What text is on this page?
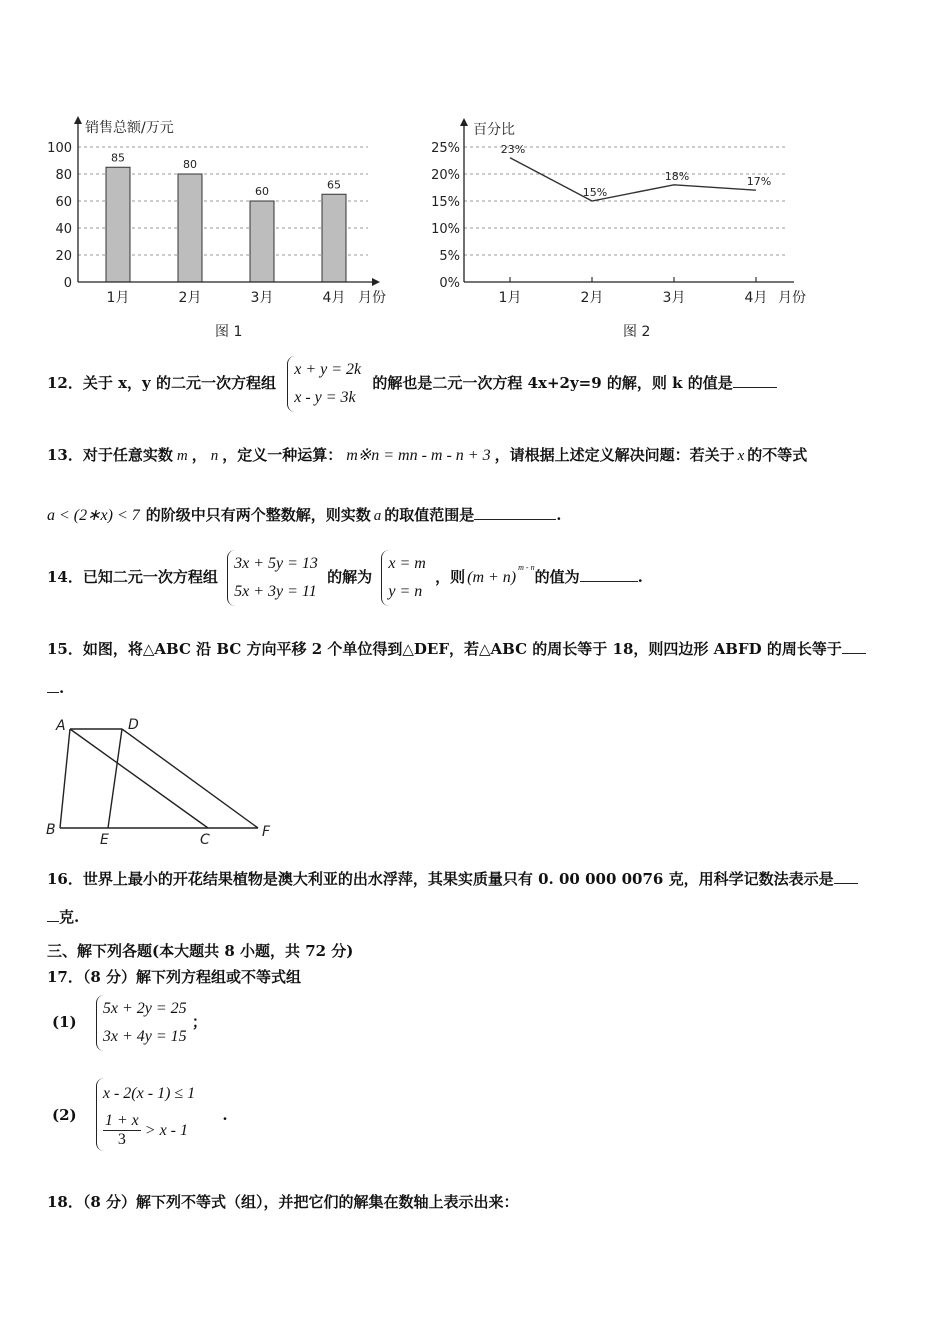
85
1月
80
2月
60
3月
65
4月
100
80
60
40
20
0
销售总额/万元
月份
图 1
25%
20%
15%
10%
5%
0%
23%
1月
15%
2月
18%
3月
17%
4月
百分比
月份
图 2
12．关于 x，y 的二元一次方程组
x + y = 2k
x - y = 3k
的解也是二元一次方程 4x+2y=9 的解，则 k 的值是
13．对于任意实数 m ， n ，定义一种运算： m※n = mn - m - n + 3 ，请根据上述定义解决问题：若关于 x 的不等式
a < (2∗x) < 7 的阶级中只有两个整数解，则实数 a 的取值范围是	.
14．已知二元一次方程组
3x + 5y = 13
5x + 3y = 11
的解为
x = m
y = n
，则 $(m + n)^{m - n}$的值为	.
15．如图，将△ABC 沿 BC 方向平移 2 个单位得到△DEF，若△ABC 的周长等于 18，则四边形 ABFD 的周长等于
.
A	D
B
E	C	F
16．世界上最小的开花结果植物是澳大利亚的出水浮萍，其果实质量只有 0. 00 000 0076 克，用科学记数法表示是
克.
三、解下列各题(本大题共 8 小题，共 72 分)
17．（8 分）解下列方程组或不等式组
(1)
5x + 2y = 25
3x + 4y = 15
；
(2)
x - 2(x - 1) ≤ 1
$\frac{1 + x}{3} > x - 1$
.
18．（8 分）解下列不等式（组），并把它们的解集在数轴上表示出来：
